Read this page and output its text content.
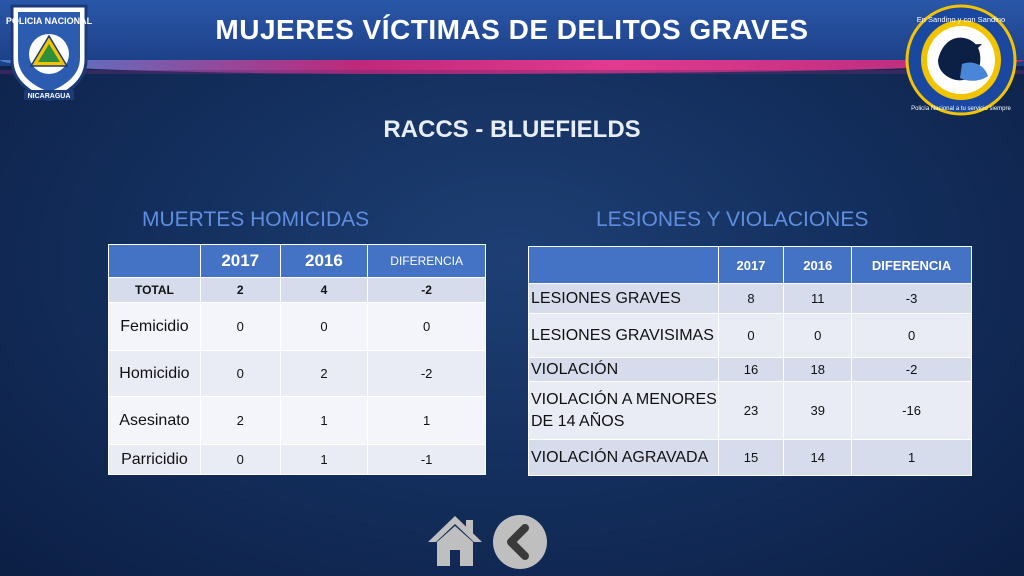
POLICIA NACIONAL
NICARAGUA
En Sandino y con Sandino
Policía Nacional a tu servicio siempre
MUJERES VÍCTIMAS DE DELITOS GRAVES
RACCS - BLUEFIELDS
MUERTES HOMICIDAS	LESIONES Y VIOLACIONES
	2017	2016	DIFERENCIA
TOTAL	2	4	-2
Femicidio	0	0	0
Homicidio	0	2	-2
Asesinato	2	1	1
Parricidio	0	1	-1
	2017	2016	DIFERENCIA
LESIONES GRAVES	8	11	-3
LESIONES GRAVISIMAS	0	0	0
VIOLACIÓN	16	18	-2
VIOLACIÓN A MENORES DE 14 AÑOS	23	39	-16
VIOLACIÓN AGRAVADA	15	14	1
